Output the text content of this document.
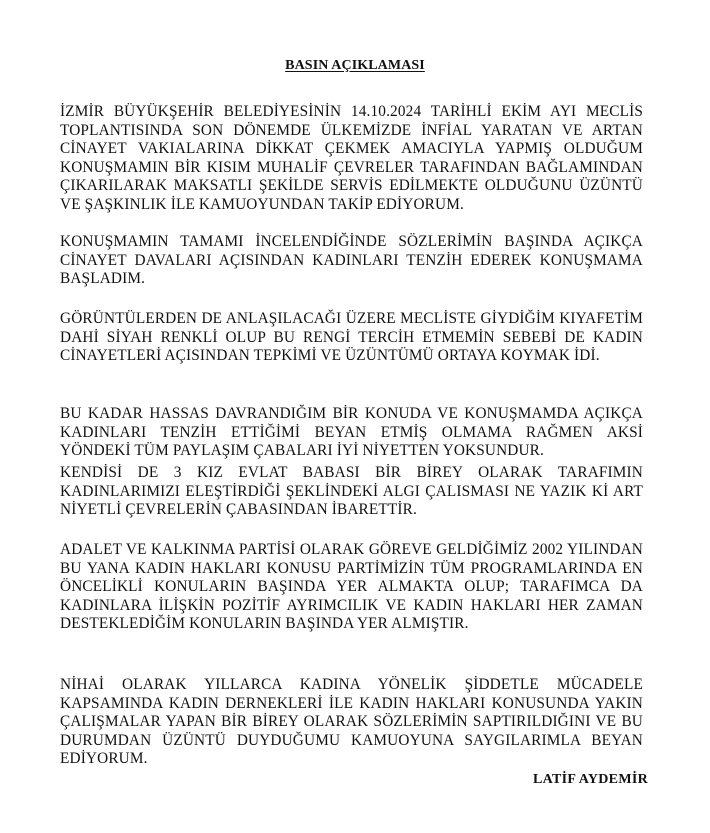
BASIN AÇIKLAMASI

İZMİR BÜYÜKŞEHİR BELEDİYESİNİN 14.10.2024 TARİHLİ EKİM AYI MECLİS TOPLANTISINDA SON DÖNEMDE ÜLKEMİZDE İNFİAL YARATAN VE ARTAN CİNAYET VAKIALARINA DİKKAT ÇEKMEK AMACIYLA YAPMIŞ OLDUĞUM KONUŞMAMIN BİR KISIM MUHALİF ÇEVRELER TARAFINDAN BAĞLAMINDAN ÇIKARILARAK MAKSATLI ŞEKİLDE SERVİS EDİLMEKTE OLDUĞUNU ÜZÜNTÜ VE ŞAŞKINLIK İLE KAMUOYUNDAN TAKİP EDİYORUM.

KONUŞMAMIN TAMAMI İNCELENDİĞİNDE SÖZLERİMİN BAŞINDA AÇIKÇA CİNAYET DAVALARI AÇISINDAN KADINLARI TENZİH EDEREK KONUŞMAMA BAŞLADIM.

GÖRÜNTÜLERDEN DE ANLAŞILACAĞI ÜZERE MECLİSTE GİYDİĞİM KIYAFETİM DAHİ SİYAH RENKLİ OLUP BU RENGİ TERCİH ETMEMİN SEBEBİ DE KADIN CİNAYETLERİ AÇISINDAN TEPKİMİ VE ÜZÜNTÜMÜ ORTAYA KOYMAK İDİ.

BU KADAR HASSAS DAVRANDIĞIM BİR KONUDA VE KONUŞMAMDA AÇIKÇA KADINLARI TENZİH ETTİĞİMİ BEYAN ETMİŞ OLMAMA RAĞMEN AKSİ YÖNDEKİ TÜM PAYLAŞIM ÇABALARI İYİ NİYETTEN YOKSUNDUR.

KENDİSİ DE 3 KIZ EVLAT BABASI BİR BİREY OLARAK TARAFIMIN KADINLARIMIZI ELEŞTİRDİĞİ ŞEKLİNDEKİ ALGI ÇALISMASI NE YAZIK Kİ ART NİYETLİ ÇEVRELERİN ÇABASINDAN İBARETTİR.

ADALET VE KALKINMA PARTİSİ OLARAK GÖREVE GELDİĞİMİZ 2002 YILINDAN BU YANA KADIN HAKLARI KONUSU PARTİMİZİN TÜM PROGRAMLARINDA EN ÖNCELİKLİ KONULARIN BAŞINDA YER ALMAKTA OLUP; TARAFIMCA DA KADINLARA İLİŞKİN POZİTİF AYRIMCILIK VE KADIN HAKLARI HER ZAMAN DESTEKLEDİĞİM KONULARIN BAŞINDA YER ALMIŞTIR.

NİHAİ OLARAK YILLARCA KADINA YÖNELİK ŞİDDETLE MÜCADELE KAPSAMINDA KADIN DERNEKLERİ İLE KADIN HAKLARI KONUSUNDA YAKIN ÇALIŞMALAR YAPAN BİR BİREY OLARAK SÖZLERİMİN SAPTIRILDIĞINI VE BU DURUMDAN ÜZÜNTÜ DUYDUĞUMU KAMUOYUNA SAYGILARIMLA BEYAN EDİYORUM.

LATİF AYDEMİR
